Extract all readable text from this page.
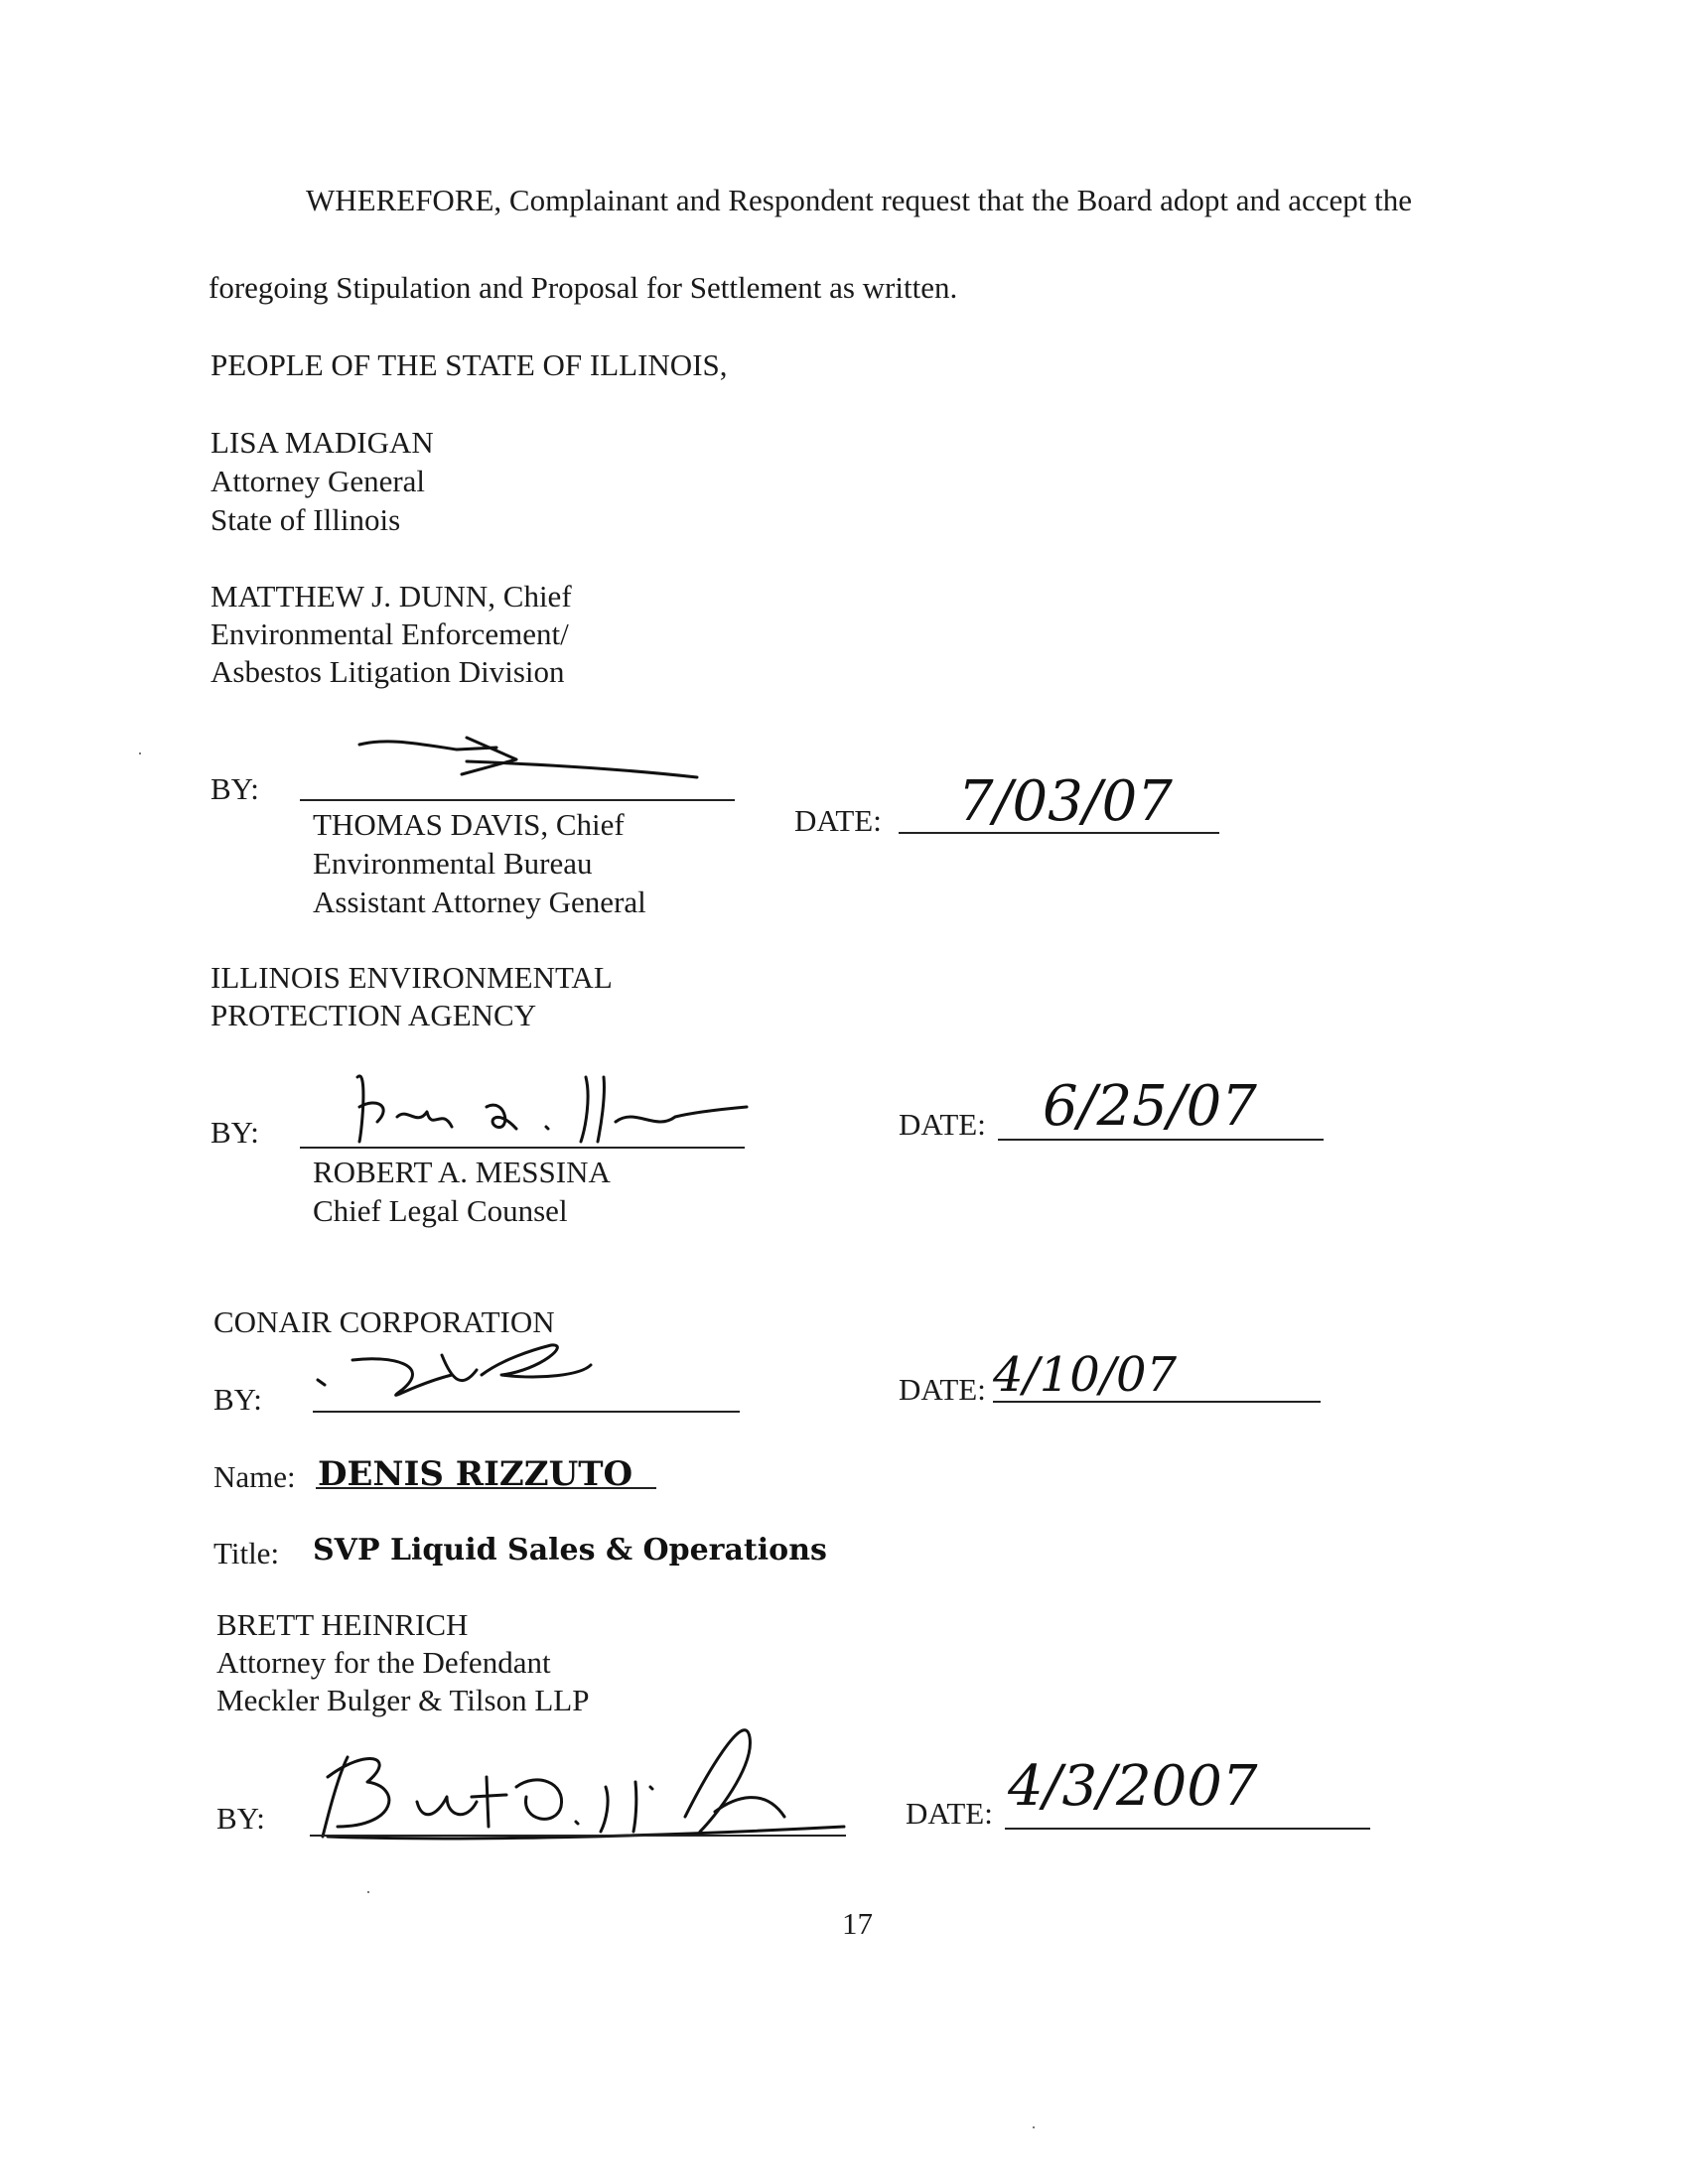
WHEREFORE, Complainant and Respondent request that the Board adopt and accept the
foregoing Stipulation and Proposal for Settlement as written.
PEOPLE OF THE STATE OF ILLINOIS,
LISA MADIGAN
Attorney General
State of Illinois
MATTHEW J. DUNN, Chief
Environmental Enforcement/
Asbestos Litigation Division
BY:
THOMAS DAVIS, Chief
Environmental Bureau
Assistant Attorney General
DATE: 7/03/07
ILLINOIS ENVIRONMENTAL
PROTECTION AGENCY
BY:
ROBERT A. MESSINA
Chief Legal Counsel
DATE: 6/25/07
CONAIR CORPORATION
BY:	DATE: 4/10/07
Name: DENIS RIZZUTO
Title: SVP Liquid Sales & Operations
BRETT HEINRICH
Attorney for the Defendant
Meckler Bulger & Tilson LLP
BY:	DATE: 4/3/2007
17
